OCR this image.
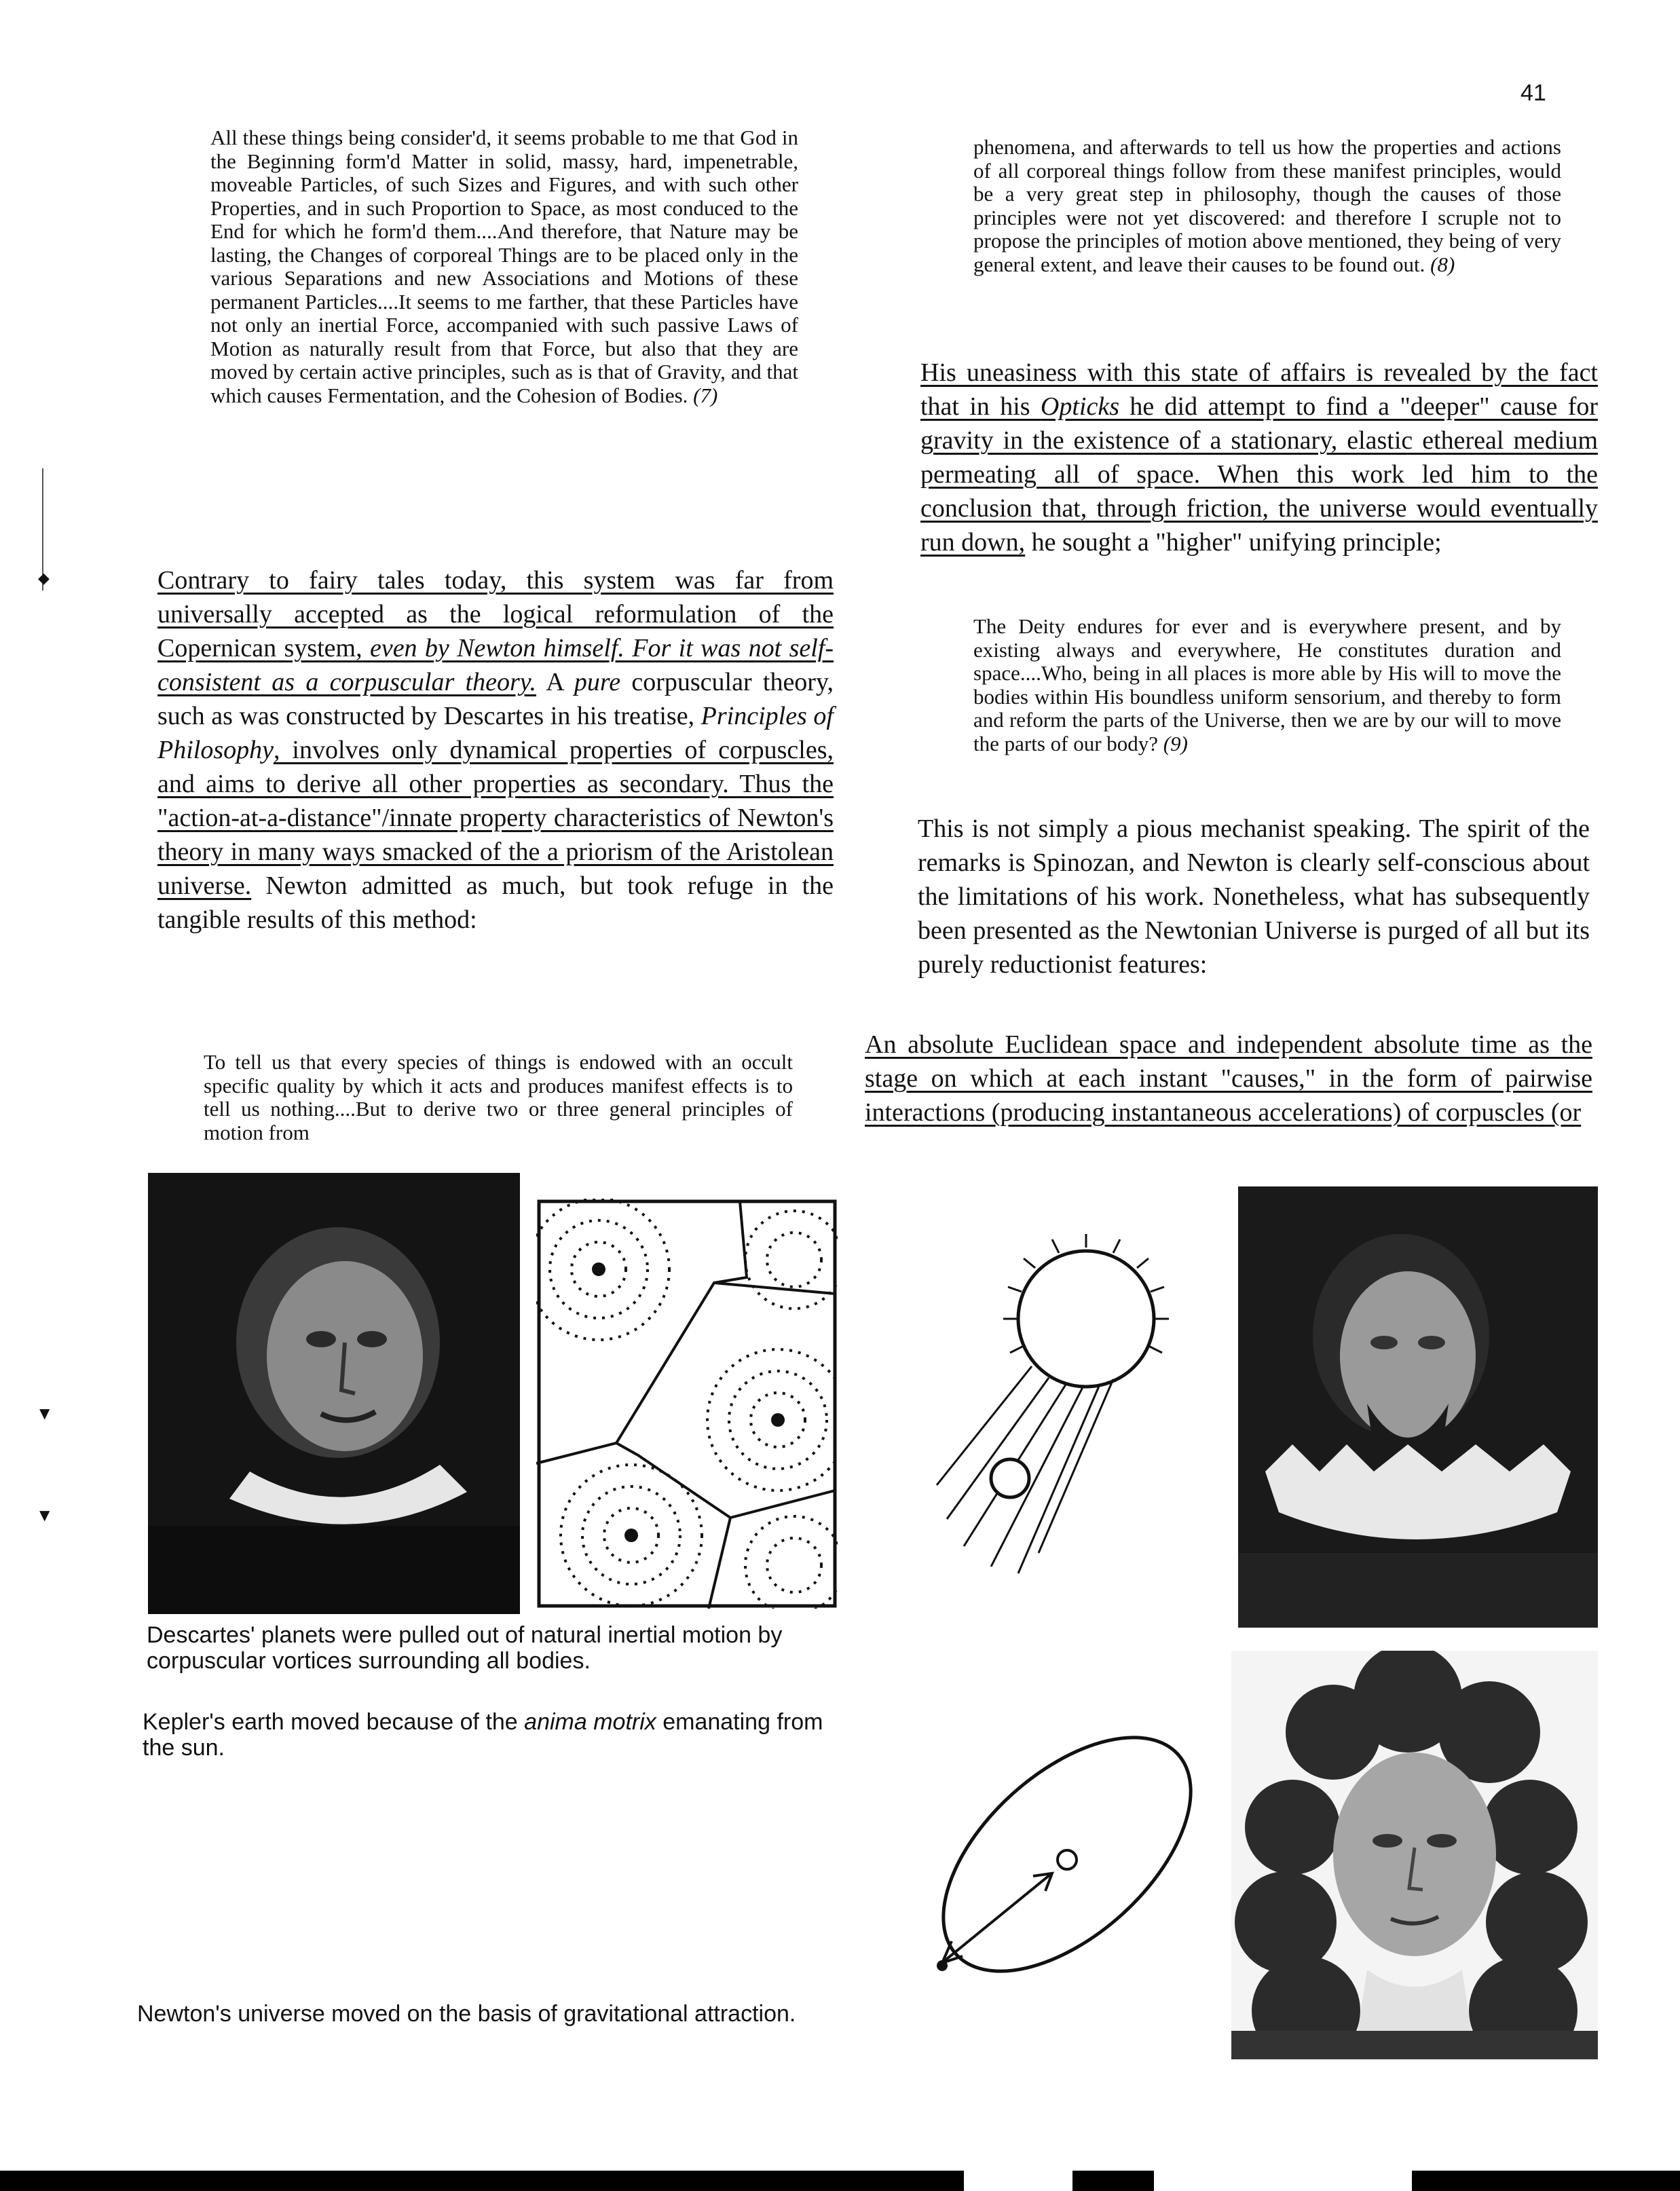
41
◆
▼
▼
All these things being consider'd, it seems probable to me that God in the Beginning form'd Matter in solid, massy, hard, impenetrable, moveable Particles, of such Sizes and Figures, and with such other Properties, and in such Proportion to Space, as most conduced to the End for which he form'd them....And therefore, that Nature may be lasting, the Changes of corporeal Things are to be placed only in the various Separations and new Associations and Motions of these permanent Particles....It seems to me farther, that these Particles have not only an inertial Force, accompanied with such passive Laws of Motion as naturally result from that Force, but also that they are moved by certain active principles, such as is that of Gravity, and that which causes Fermentation, and the Cohesion of Bodies. (7)
Contrary to fairy tales today, this system was far from universally accepted as the logical reformulation of the Copernican system, even by Newton himself. For it was not self-consistent as a corpuscular theory. A pure corpuscular theory, such as was constructed by Descartes in his treatise, Principles of Philosophy, involves only dynamical properties of corpuscles, and aims to derive all other properties as secondary. Thus the "action-at-a-distance"/innate property characteristics of Newton's theory in many ways smacked of the a priorism of the Aristolean universe. Newton admitted as much, but took refuge in the tangible results of this method:
To tell us that every species of things is endowed with an occult specific quality by which it acts and produces manifest effects is to tell us nothing....But to derive two or three general principles of motion from
phenomena, and afterwards to tell us how the properties and actions of all corporeal things follow from these manifest principles, would be a very great step in philosophy, though the causes of those principles were not yet discovered: and therefore I scruple not to propose the principles of motion above mentioned, they being of very general extent, and leave their causes to be found out. (8)
His uneasiness with this state of affairs is revealed by the fact that in his Opticks he did attempt to find a "deeper" cause for gravity in the existence of a stationary, elastic ethereal medium permeating all of space. When this work led him to the conclusion that, through friction, the universe would eventually run down, he sought a "higher" unifying principle;
The Deity endures for ever and is everywhere present, and by existing always and everywhere, He constitutes duration and space....Who, being in all places is more able by His will to move the bodies within His boundless uniform sensorium, and thereby to form and reform the parts of the Universe, then we are by our will to move the parts of our body? (9)
This is not simply a pious mechanist speaking. The spirit of the remarks is Spinozan, and Newton is clearly self-conscious about the limitations of his work. Nonetheless, what has subsequently been presented as the Newtonian Universe is purged of all but its purely reductionist features:
An absolute Euclidean space and independent absolute time as the stage on which at each instant "causes," in the form of pairwise interactions (producing instantaneous accelerations) of corpuscles (or
Descartes' planets were pulled out of natural inertial motion by corpuscular vortices surrounding all bodies.
Kepler's earth moved because of the anima motrix emanating from the sun.
Newton's universe moved on the basis of gravitational attraction.
